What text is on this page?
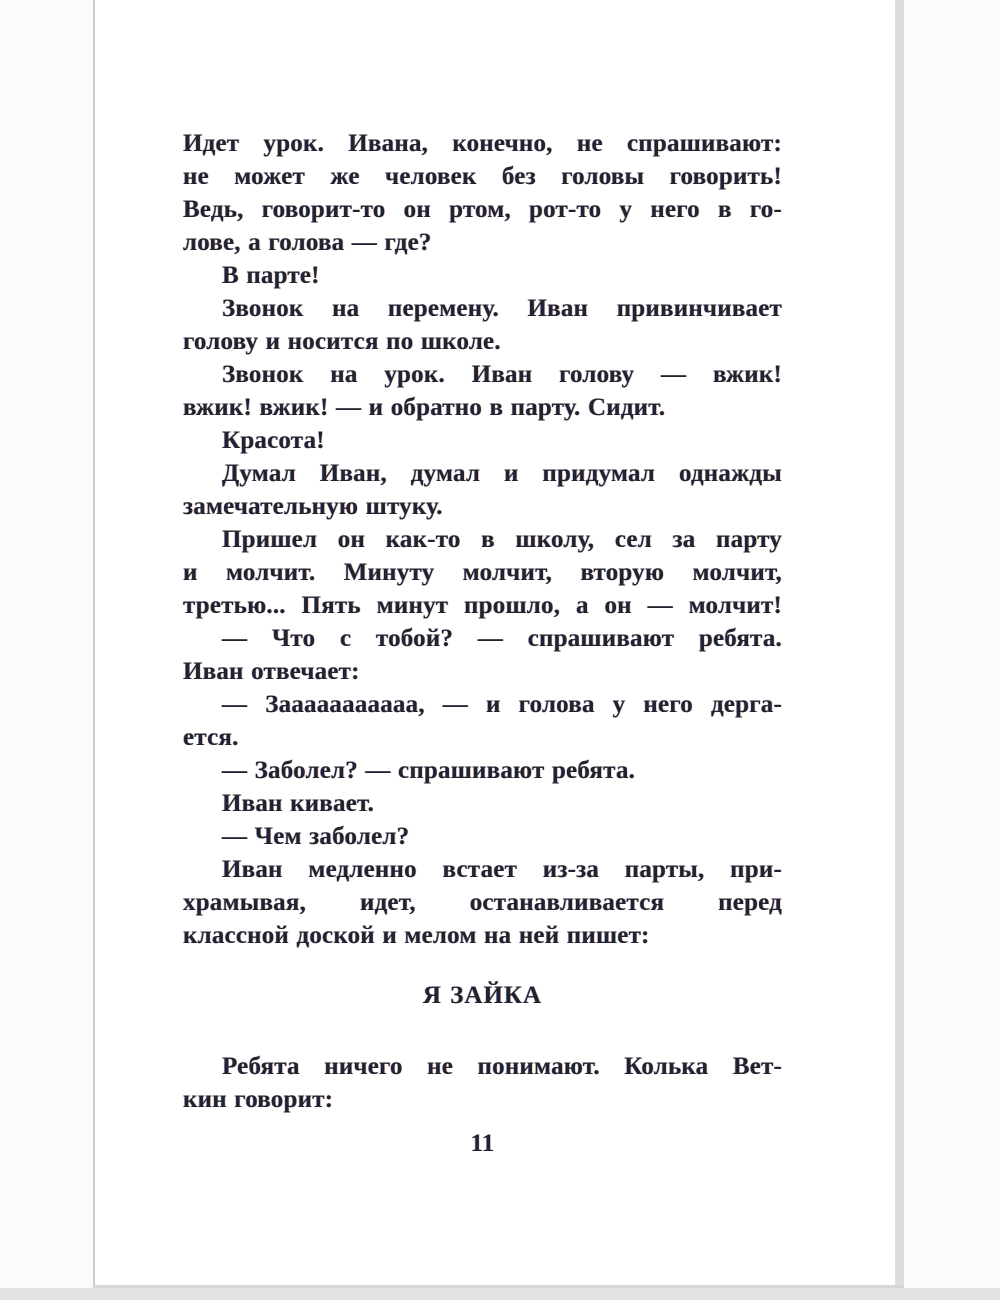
Идет урок. Ивана, конечно, не спрашивают:
не может же человек без головы говорить!
Ведь, говорит-то он ртом, рот-то у него в го-
лове, а голова — где?
В парте!
Звонок на перемену. Иван привинчивает
голову и носится по школе.
Звонок на урок. Иван голову — вжик!
вжик! вжик! — и обратно в парту. Сидит.
Красота!
Думал Иван, думал и придумал однажды
замечательную штуку.
Пришел он как-то в школу, сел за парту
и молчит. Минуту молчит, вторую молчит,
третью... Пять минут прошло, а он — молчит!
— Что с тобой? — спрашивают ребята.
Иван отвечает:
— Зааааааааааа, — и голова у него дерга-
ется.
— Заболел? — спрашивают ребята.
Иван кивает.
— Чем заболел?
Иван медленно встает из-за парты, при-
храмывая, идет, останавливается перед
классной доской и мелом на ней пишет:
Я ЗАЙКА
Ребята ничего не понимают. Колька Вет-
кин говорит:
11
